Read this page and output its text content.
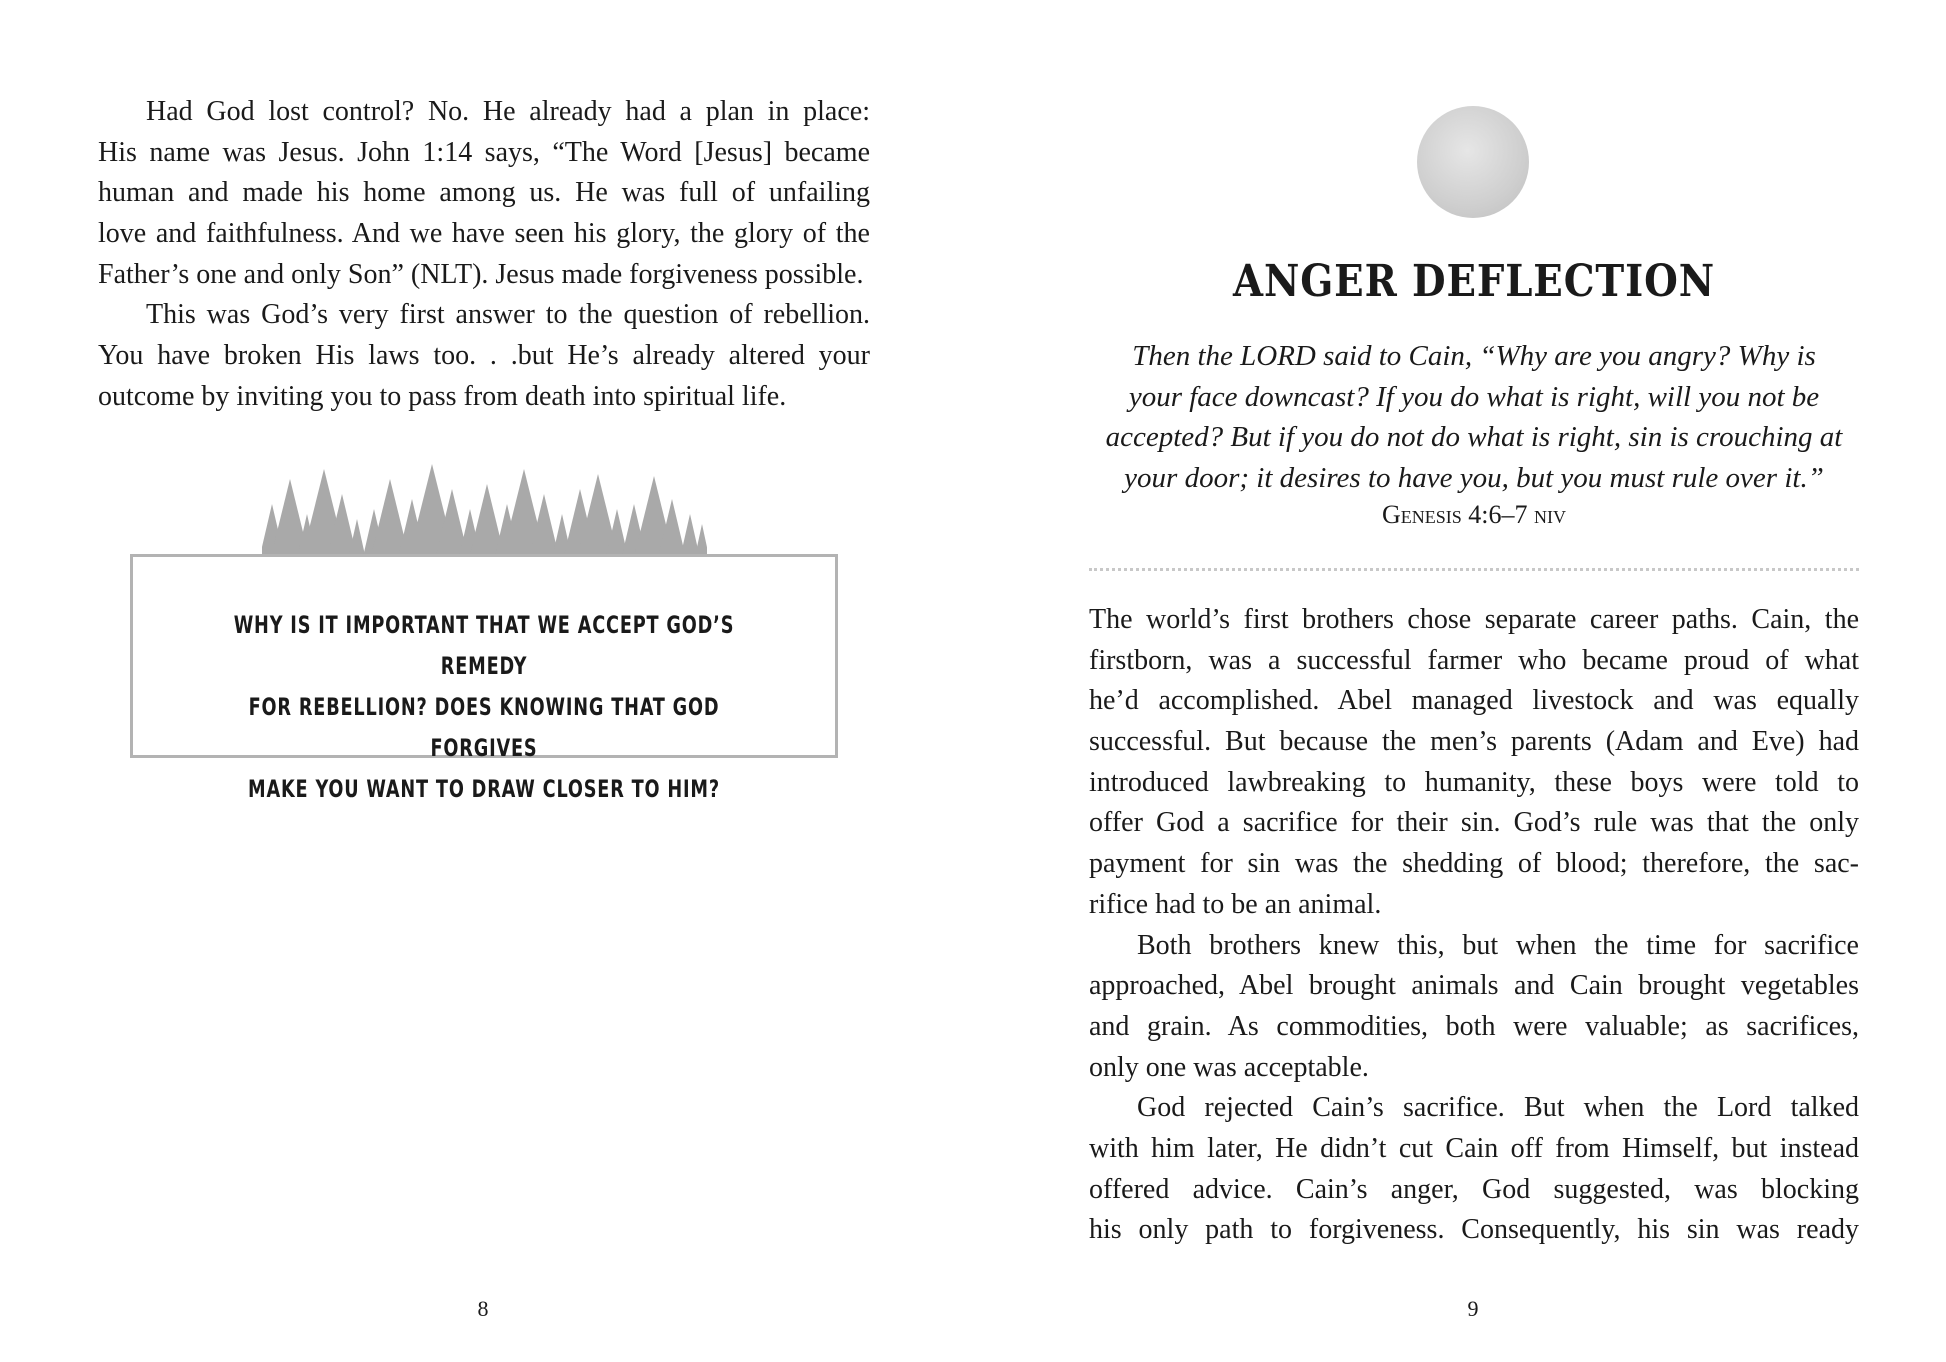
Had God lost control? No. He already had a plan in place:
His name was Jesus. John 1:14 says, “The Word [Jesus] became
human and made his home among us. He was full of unfailing
love and faithfulness. And we have seen his glory, the glory of the
Father’s one and only Son” (NLT). Jesus made forgiveness possible.
This was God’s very first answer to the question of rebellion.
You have broken His laws too. . .but He’s already altered your
outcome by inviting you to pass from death into spiritual life.
WHY IS IT IMPORTANT THAT WE ACCEPT GOD’S REMEDY
FOR REBELLION? DOES KNOWING THAT GOD FORGIVES
MAKE YOU WANT TO DRAW CLOSER TO HIM?
8
ANGER DEFLECTION
Then the LORD said to Cain, “Why are you angry? Why is
your face downcast? If you do what is right, will you not be
accepted? But if you do not do what is right, sin is crouching at
your door; it desires to have you, but you must rule over it.”
Genesis 4:6–7 niv
The world’s first brothers chose separate career paths. Cain, the
firstborn, was a successful farmer who became proud of what
he’d accomplished. Abel managed livestock and was equally
successful. But because the men’s parents (Adam and Eve) had
introduced lawbreaking to humanity, these boys were told to
offer God a sacrifice for their sin. God’s rule was that the only
payment for sin was the shedding of blood; therefore, the sac-
rifice had to be an animal.
Both brothers knew this, but when the time for sacrifice
approached, Abel brought animals and Cain brought vegetables
and grain. As commodities, both were valuable; as sacrifices,
only one was acceptable.
God rejected Cain’s sacrifice. But when the Lord talked
with him later, He didn’t cut Cain off from Himself, but instead
offered advice. Cain’s anger, God suggested, was blocking
his only path to forgiveness. Consequently, his sin was ready
9
